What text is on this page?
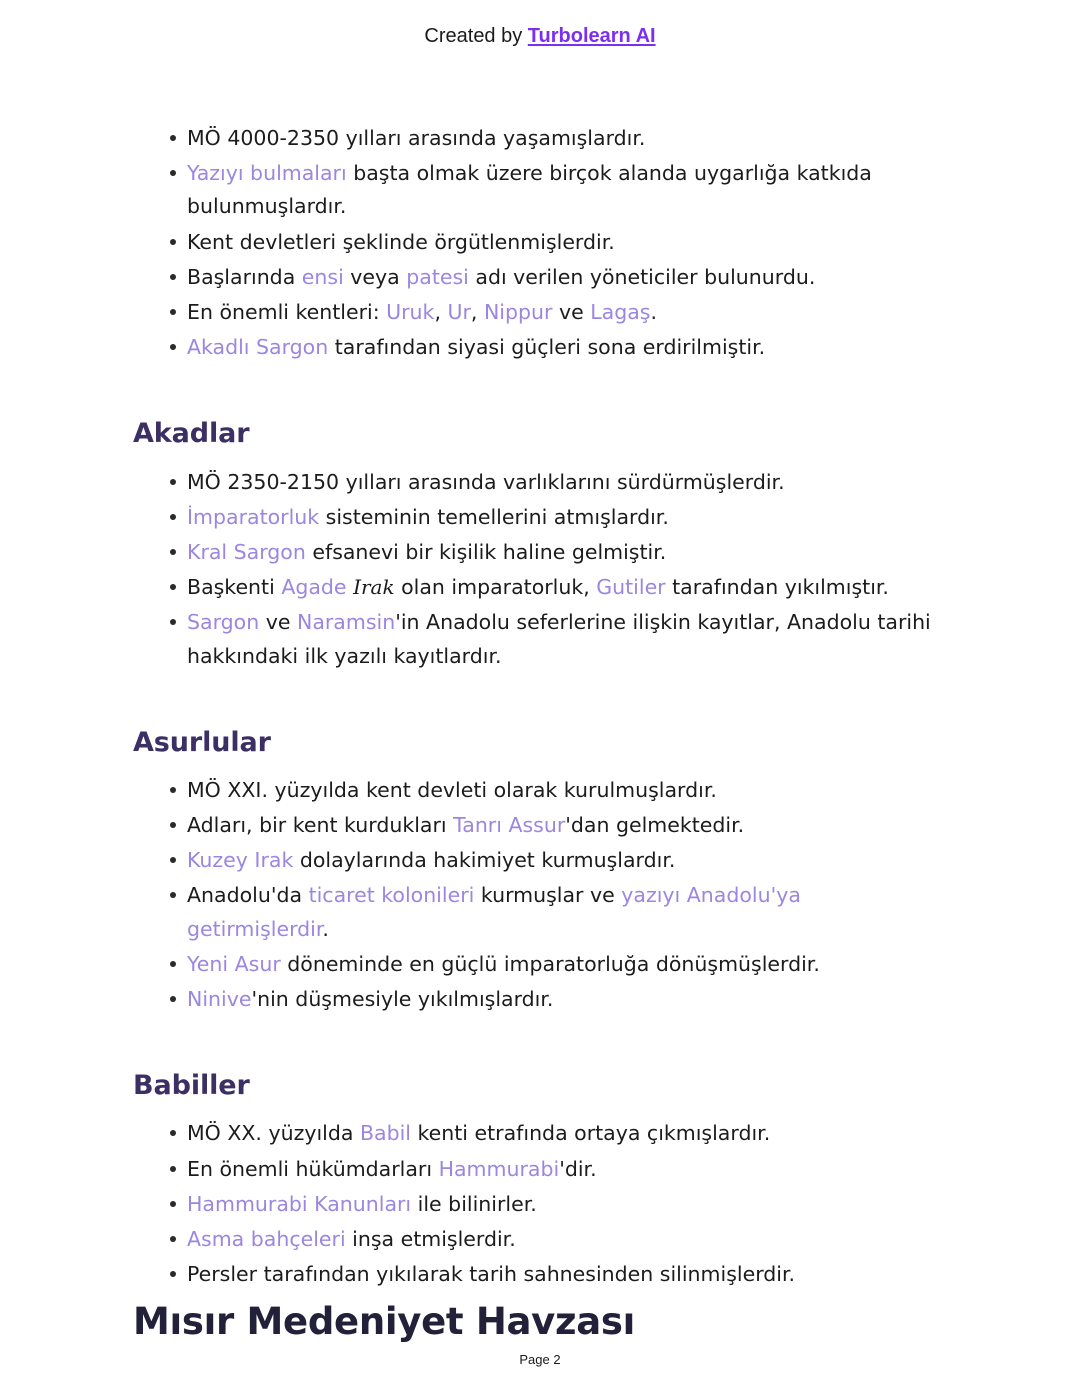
Created by Turbolearn AI
MÖ 4000-2350 yılları arasında yaşamışlardır.
Yazıyı bulmaları başta olmak üzere birçok alanda uygarlığa katkıda bulunmuşlardır.
Kent devletleri şeklinde örgütlenmişlerdir.
Başlarında ensi veya patesi adı verilen yöneticiler bulunurdu.
En önemli kentleri: Uruk, Ur, Nippur ve Lagaş.
Akadlı Sargon tarafından siyasi güçleri sona erdirilmiştir.
Akadlar
MÖ 2350-2150 yılları arasında varlıklarını sürdürmüşlerdir.
İmparatorluk sisteminin temellerini atmışlardır.
Kral Sargon efsanevi bir kişilik haline gelmiştir.
Başkenti Agade Irak olan imparatorluk, Gutiler tarafından yıkılmıştır.
Sargon ve Naramsin'in Anadolu seferlerine ilişkin kayıtlar, Anadolu tarihi hakkındaki ilk yazılı kayıtlardır.
Asurlular
MÖ XXI. yüzyılda kent devleti olarak kurulmuşlardır.
Adları, bir kent kurdukları Tanrı Assur'dan gelmektedir.
Kuzey Irak dolaylarında hakimiyet kurmuşlardır.
Anadolu'da ticaret kolonileri kurmuşlar ve yazıyı Anadolu'ya getirmişlerdir.
Yeni Asur döneminde en güçlü imparatorluğa dönüşmüşlerdir.
Ninive'nin düşmesiyle yıkılmışlardır.
Babiller
MÖ XX. yüzyılda Babil kenti etrafında ortaya çıkmışlardır.
En önemli hükümdarları Hammurabi'dir.
Hammurabi Kanunları ile bilinirler.
Asma bahçeleri inşa etmişlerdir.
Persler tarafından yıkılarak tarih sahnesinden silinmişlerdir.
Mısır Medeniyet Havzası
Page 2
